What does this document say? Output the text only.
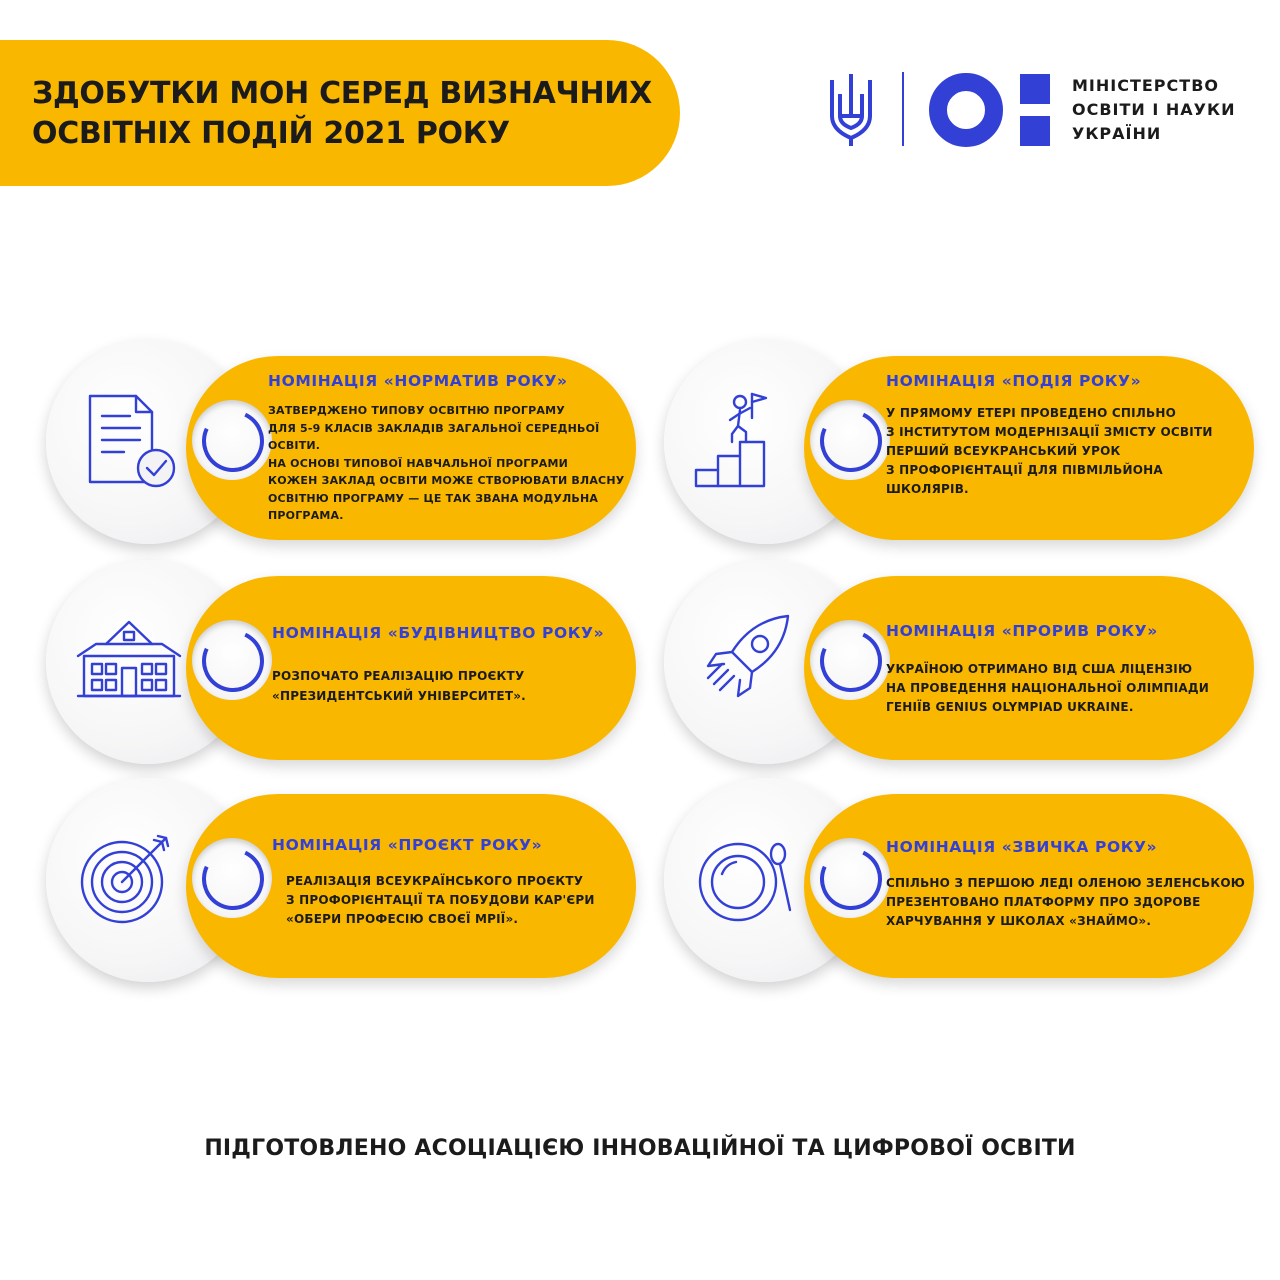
ЗДОБУТКИ МОН СЕРЕД ВИЗНАЧНИХ
ОСВІТНІХ ПОДІЙ 2021 РОКУ

МІНІСТЕРСТВО
ОСВІТИ І НАУКИ
УКРАЇНИ

НОМІНАЦІЯ «НОРМАТИВ РОКУ»

ЗАТВЕРДЖЕНО ТИПОВУ ОСВІТНЮ ПРОГРАМУ
ДЛЯ 5-9 КЛАСІВ ЗАКЛАДІВ ЗАГАЛЬНОЇ СЕРЕДНЬОЇ ОСВІТИ.
НА ОСНОВІ ТИПОВОЇ НАВЧАЛЬНОЇ ПРОГРАМИ
КОЖЕН ЗАКЛАД ОСВІТИ МОЖЕ СТВОРЮВАТИ ВЛАСНУ
ОСВІТНЮ ПРОГРАМУ — ЦЕ ТАК ЗВАНА МОДУЛЬНА
ПРОГРАМА.

НОМІНАЦІЯ «ПОДІЯ РОКУ»

У ПРЯМОМУ ЕТЕРІ ПРОВЕДЕНО СПІЛЬНО
З ІНСТИТУТОМ МОДЕРНІЗАЦІЇ ЗМІСТУ ОСВІТИ
ПЕРШИЙ ВСЕУКРАНСЬКИЙ УРОК
З ПРОФОРІЄНТАЦІЇ ДЛЯ ПІВМІЛЬЙОНА
ШКОЛЯРІВ.

НОМІНАЦІЯ «БУДІВНИЦТВО РОКУ»

РОЗПОЧАТО РЕАЛІЗАЦІЮ ПРОЄКТУ
«ПРЕЗИДЕНТСЬКИЙ УНІВЕРСИТЕТ».

НОМІНАЦІЯ «ПРОРИВ РОКУ»

УКРАЇНОЮ ОТРИМАНО ВІД США ЛІЦЕНЗІЮ
НА ПРОВЕДЕННЯ НАЦІОНАЛЬНОЇ ОЛІМПІАДИ
ГЕНІЇВ GENIUS OLYMPIAD UKRAINE.

НОМІНАЦІЯ «ПРОЄКТ РОКУ»

РЕАЛІЗАЦІЯ ВСЕУКРАЇНСЬКОГО ПРОЄКТУ
З ПРОФОРІЄНТАЦІЇ ТА ПОБУДОВИ КАР'ЄРИ
«ОБЕРИ ПРОФЕСІЮ СВОЄЇ МРІЇ».

НОМІНАЦІЯ «ЗВИЧКА РОКУ»

СПІЛЬНО З ПЕРШОЮ ЛЕДІ ОЛЕНОЮ ЗЕЛЕНСЬКОЮ
ПРЕЗЕНТОВАНО ПЛАТФОРМУ ПРО ЗДОРОВЕ
ХАРЧУВАННЯ У ШКОЛАХ «ЗНАЙМО».

ПІДГОТОВЛЕНО АСОЦІАЦІЄЮ ІННОВАЦІЙНОЇ ТА ЦИФРОВОЇ ОСВІТИ
